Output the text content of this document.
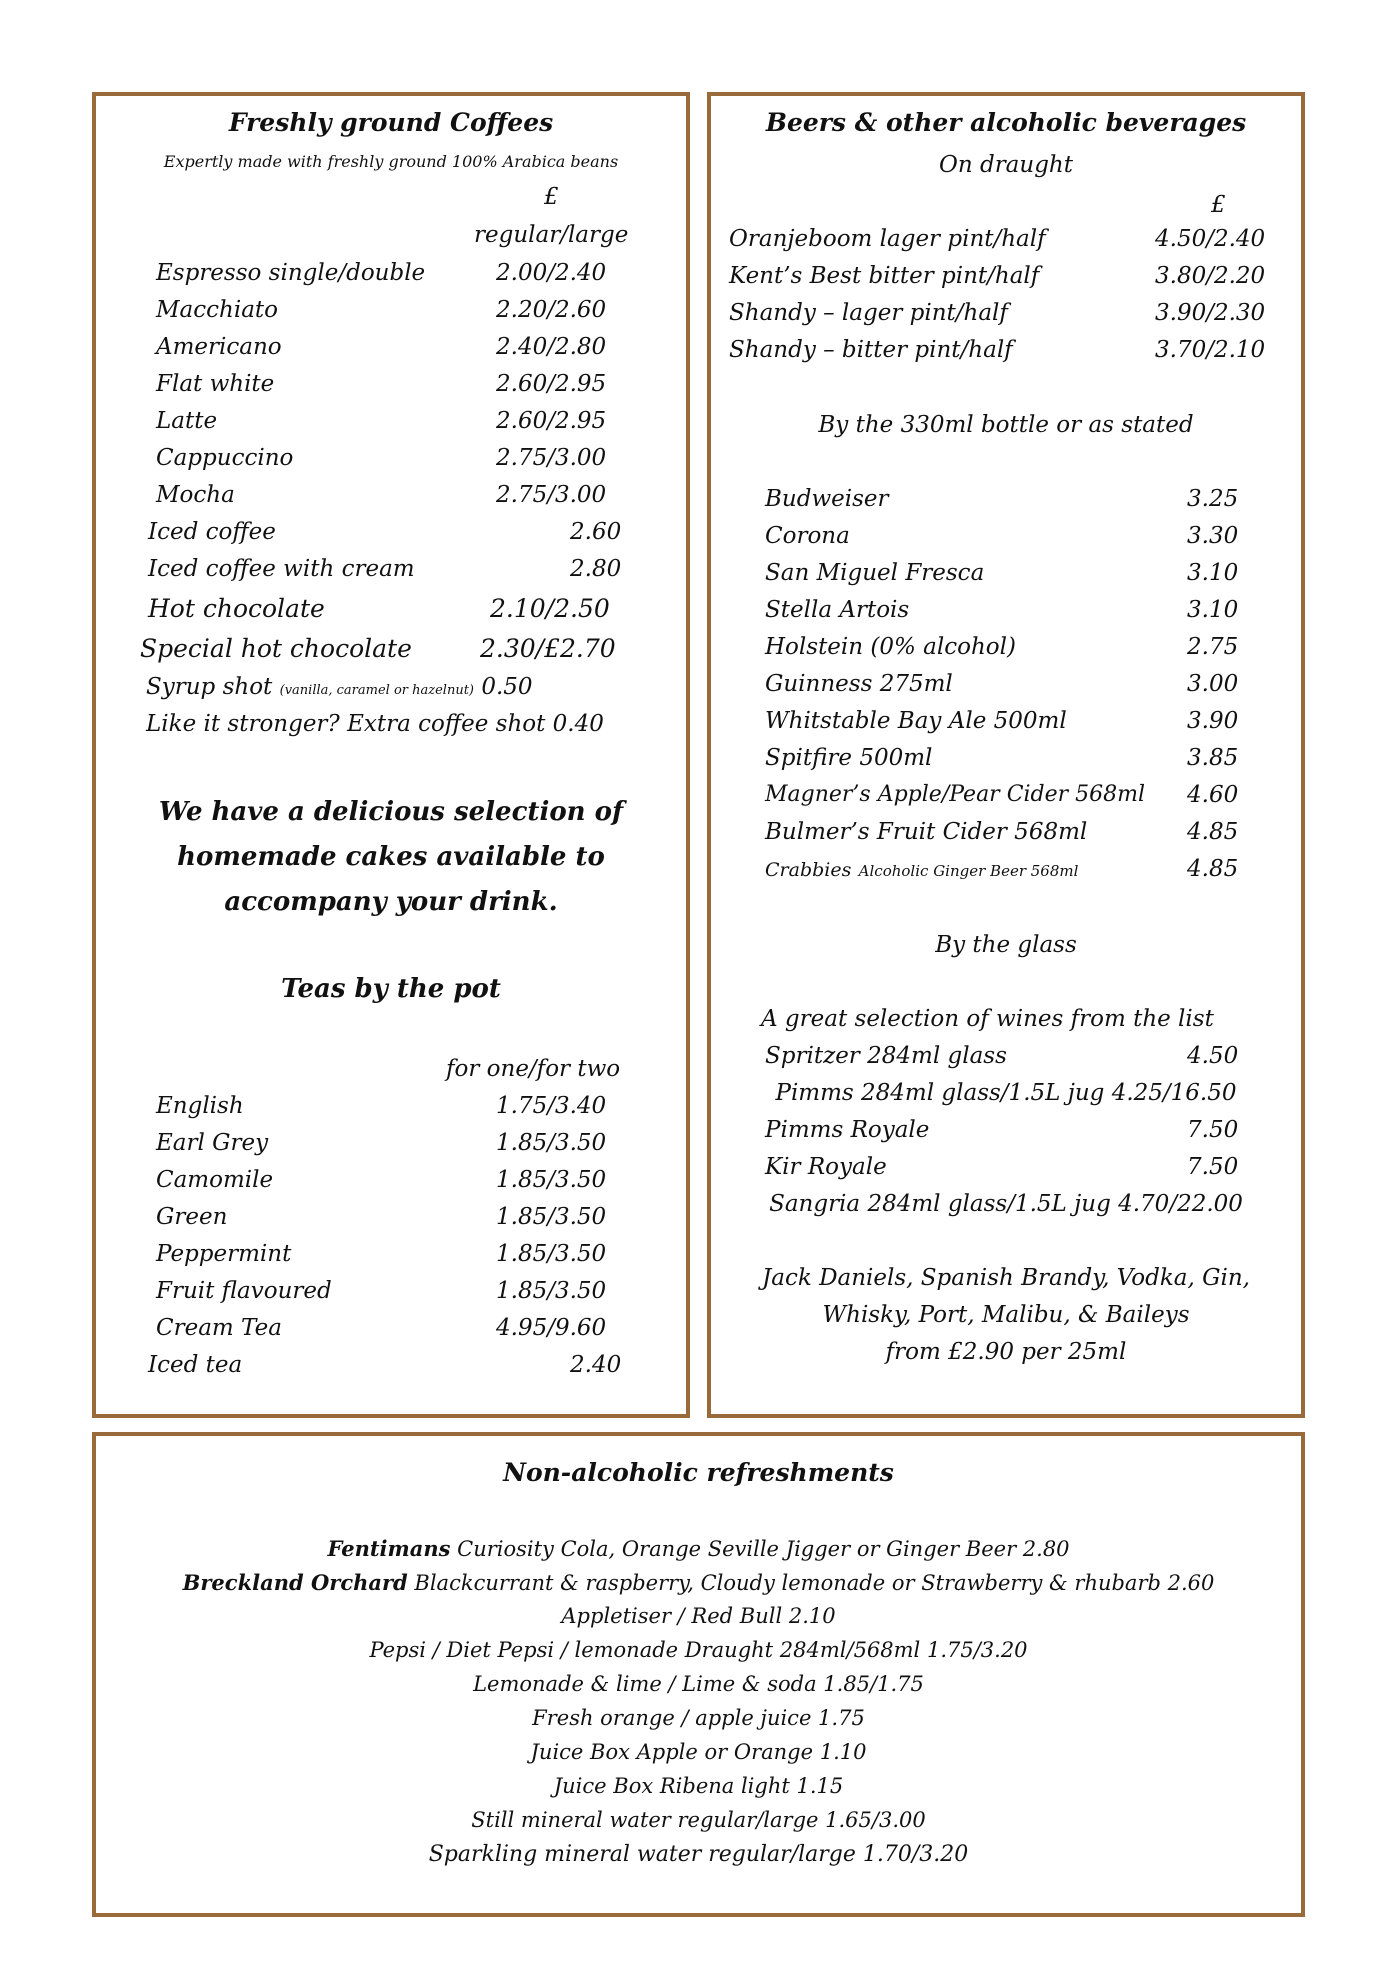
Freshly ground Coffees
Expertly made with freshly ground 100% Arabica beans
£
regular/large
Espresso single/double	2.00/2.40
Macchiato	2.20/2.60
Americano	2.40/2.80
Flat white	2.60/2.95
Latte	2.60/2.95
Cappuccino	2.75/3.00
Mocha	2.75/3.00
Iced coffee	2.60
Iced coffee with cream	2.80
Hot chocolate	2.10/2.50
Special hot chocolate	2.30/£2.70
Syrup shot (vanilla, caramel or hazelnut) 0.50
Like it stronger? Extra coffee shot 0.40
We have a delicious selection of
homemade cakes available to
accompany your drink.
Teas by the pot
for one/for two
English	1.75/3.40
Earl Grey	1.85/3.50
Camomile	1.85/3.50
Green	1.85/3.50
Peppermint	1.85/3.50
Fruit flavoured	1.85/3.50
Cream Tea	4.95/9.60
Iced tea	2.40
Beers & other alcoholic beverages
On draught
£
Oranjeboom lager pint/half	4.50/2.40
Kent’s Best bitter pint/half	3.80/2.20
Shandy – lager pint/half	3.90/2.30
Shandy – bitter pint/half	3.70/2.10
By the 330ml bottle or as stated
Budweiser	3.25
Corona	3.30
San Miguel Fresca	3.10
Stella Artois	3.10
Holstein (0% alcohol)	2.75
Guinness 275ml	3.00
Whitstable Bay Ale 500ml	3.90
Spitfire 500ml	3.85
Magner’s Apple/Pear Cider 568ml 4.60
Bulmer’s Fruit Cider 568ml	4.85
Crabbies Alcoholic Ginger Beer 568ml	4.85
By the glass
A great selection of wines from the list
Spritzer 284ml glass	4.50
Pimms 284ml glass/1.5L jug 4.25/16.50
Pimms Royale	7.50
Kir Royale	7.50
Sangria 284ml glass/1.5L jug 4.70/22.00
Jack Daniels, Spanish Brandy, Vodka, Gin,
Whisky, Port, Malibu, & Baileys
from £2.90 per 25ml
Non-alcoholic refreshments
Fentimans Curiosity Cola, Orange Seville Jigger or Ginger Beer 2.80
Breckland Orchard Blackcurrant & raspberry, Cloudy lemonade or Strawberry & rhubarb 2.60
Appletiser / Red Bull 2.10
Pepsi / Diet Pepsi / lemonade Draught 284ml/568ml 1.75/3.20
Lemonade & lime / Lime & soda 1.85/1.75
Fresh orange / apple juice 1.75
Juice Box Apple or Orange 1.10
Juice Box Ribena light 1.15
Still mineral water regular/large 1.65/3.00
Sparkling mineral water regular/large 1.70/3.20
